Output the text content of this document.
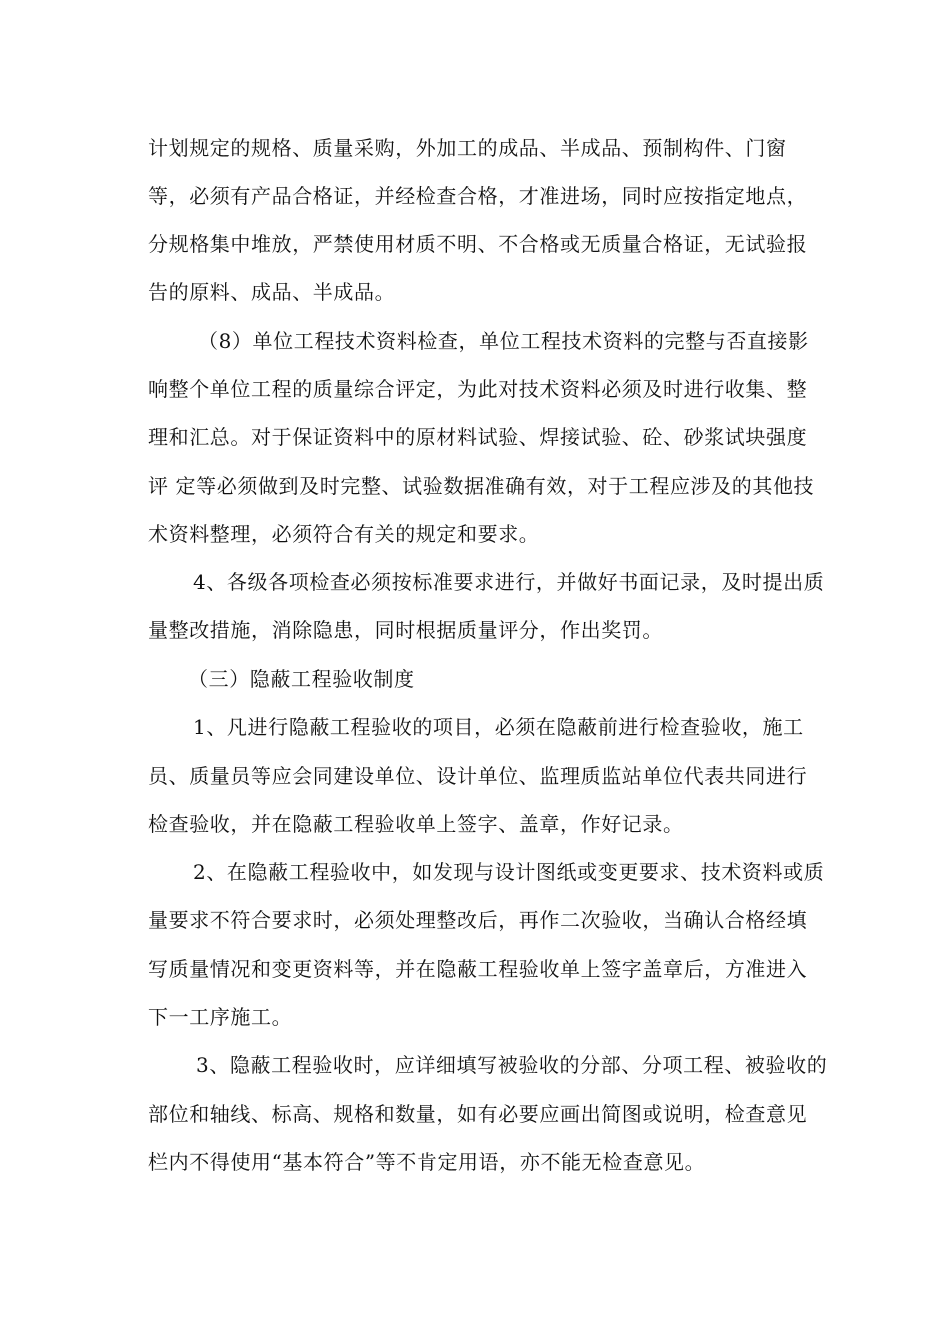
计划规定的规格、质量采购，外加工的成品、半成品、预制构件、门窗
等，必须有产品合格证，并经检查合格，才准进场，同时应按指定地点，
分规格集中堆放，严禁使用材质不明、不合格或无质量合格证，无试验报
告的原料、成品、半成品。
（8）单位工程技术资料检查，单位工程技术资料的完整与否直接影
响整个单位工程的质量综合评定，为此对技术资料必须及时进行收集、整
理和汇总。对于保证资料中的原材料试验、焊接试验、砼、砂浆试块强度
评 定等必须做到及时完整、试验数据准确有效，对于工程应涉及的其他技
术资料整理，必须符合有关的规定和要求。
4、各级各项检查必须按标准要求进行，并做好书面记录，及时提出质
量整改措施，消除隐患，同时根据质量评分，作出奖罚。
（三）隐蔽工程验收制度
1、凡进行隐蔽工程验收的项目，必须在隐蔽前进行检查验收，施工
员、质量员等应会同建设单位、设计单位、监理质监站单位代表共同进行
检查验收，并在隐蔽工程验收单上签字、盖章，作好记录。
2、在隐蔽工程验收中，如发现与设计图纸或变更要求、技术资料或质
量要求不符合要求时，必须处理整改后，再作二次验收，当确认合格经填
写质量情况和变更资料等，并在隐蔽工程验收单上签字盖章后，方准进入
下一工序施工。
3、隐蔽工程验收时，应详细填写被验收的分部、分项工程、被验收的
部位和轴线、标高、规格和数量，如有必要应画出简图或说明，检查意见
栏内不得使用“基本符合”等不肯定用语，亦不能无检查意见。
